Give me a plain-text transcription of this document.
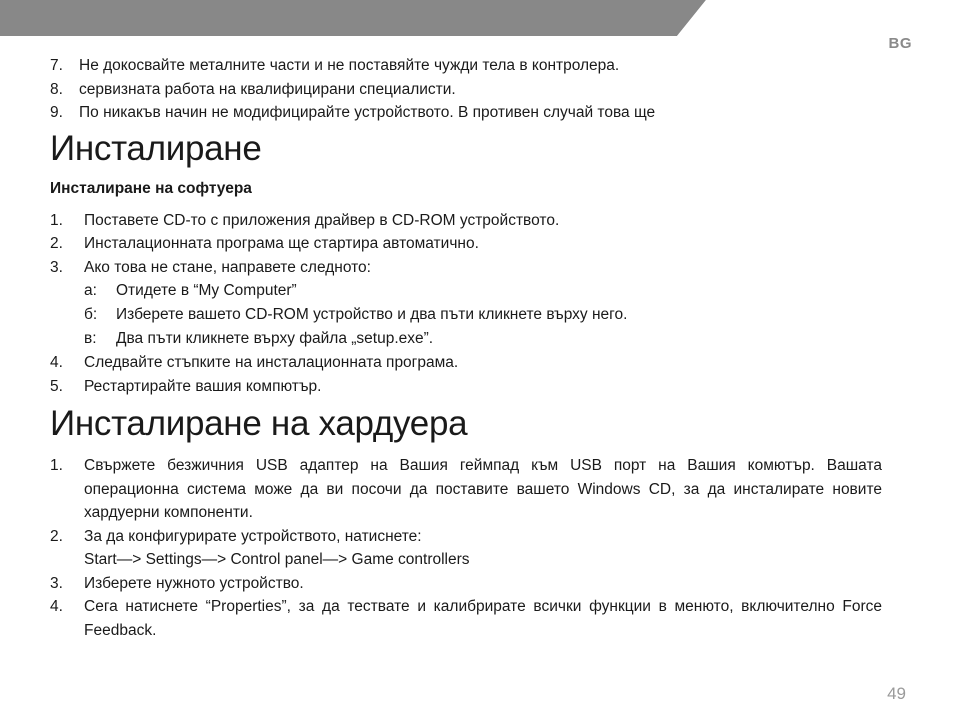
BG
7.	Не докосвайте металните части и не поставяйте чужди тела в контролера.
8.	сервизната работа на квалифицирани специалисти.
9.	По никакъв начин не модифицирайте устройството. В противен случай това ще
Инсталиране
Инсталиране на софтуера
1.	Поставете CD-то с приложения драйвер в CD-ROM устройството.
2.	Инсталационната програма ще стартира автоматично.
3.	Ако това не стане, направете следното:
a:	Отидете в “My Computer”
б:	Изберете вашето CD-ROM устройство и два пъти кликнете върху него.
в:	Два пъти кликнете върху файла „setup.exe”.
4.	Следвайте стъпките на инсталационната програма.
5.	Рестартирайте вашия компютър.
Инсталиране на хардуера
1.	Свържете безжичния USB адаптер на Вашия геймпад към USB порт на Вашия комютър. Вашата операционна система може да ви посочи да поставите вашето Windows CD, за да инсталирате новите хардуерни компоненти.
2.	За да конфигурирате устройството, натиснете:
Start—> Settings—> Control panel—> Game controllers
3.	Изберете нужното устройство.
4.	Сега натиснете “Properties”, за да тествате и калибрирате всички функции в менюто, включително Force Feedback.
49
